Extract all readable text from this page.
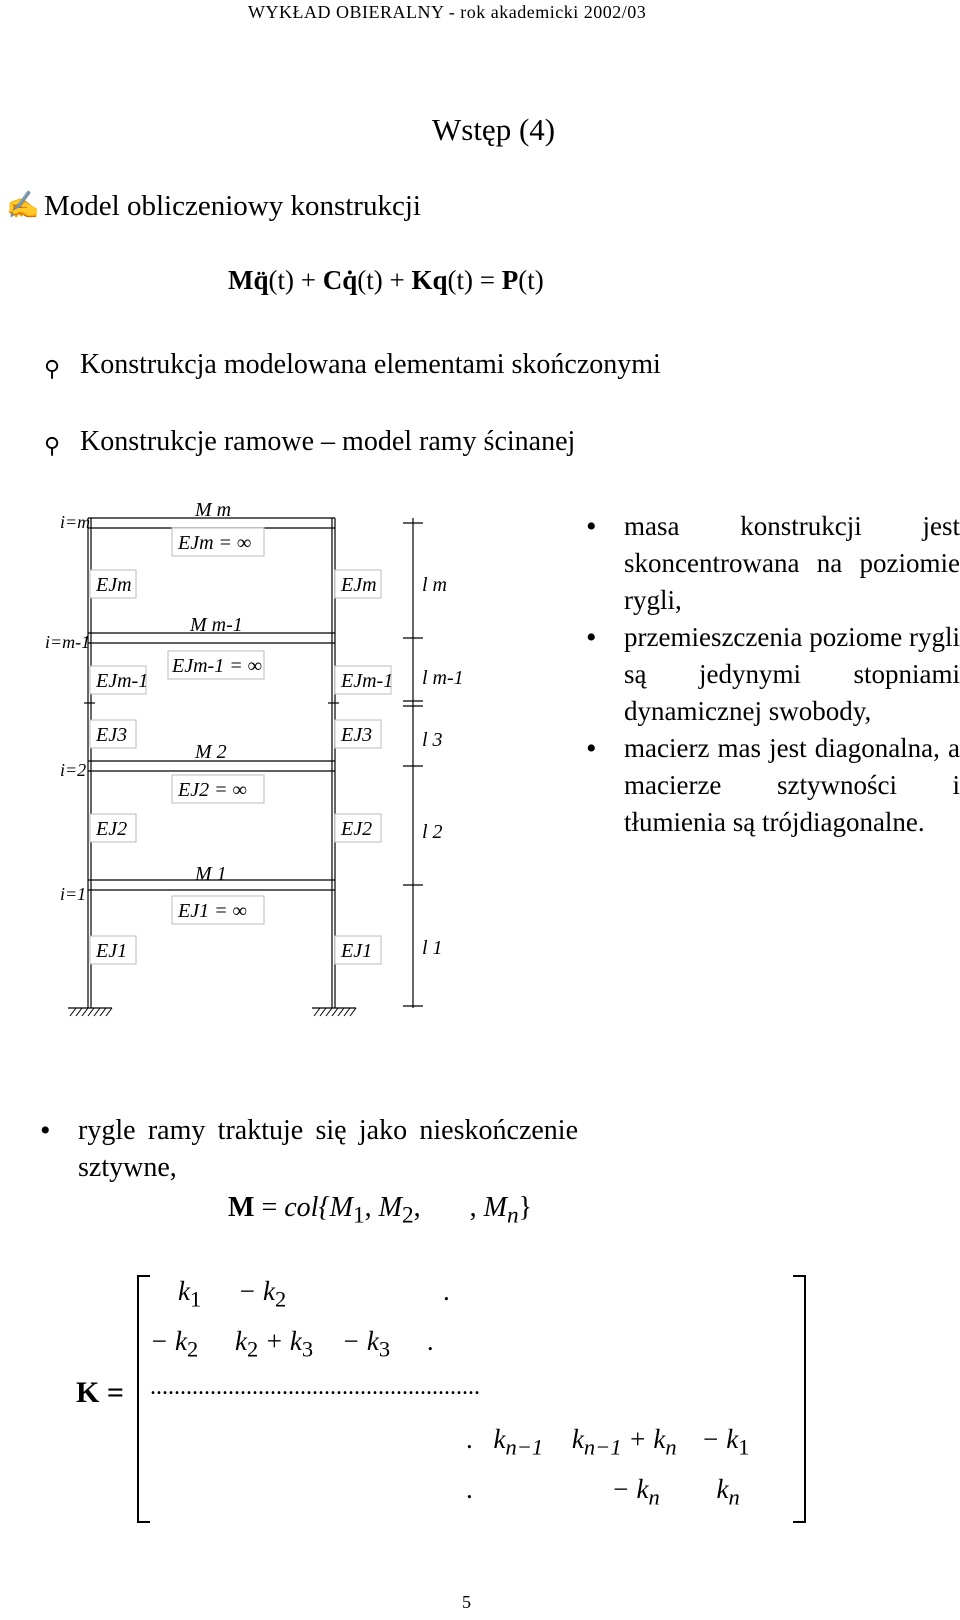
WYKŁAD OBIERALNY - rok akademicki 2002/03
Wstęp (4)
✍ Model obliczeniowy konstrukcji
Mq̈(t) + Cq̇(t) + Kq(t) = P(t)
⚲ Konstrukcja modelowana elementami skończonymi
⚲ Konstrukcje ramowe – model ramy ścinanej
i=m
i=m-1
i=2
i=1
M m
M m-1
M 2
M 1
EJm = ∞
EJm-1 = ∞
EJ2 = ∞
EJ1 = ∞
EJm
EJm-1
EJ3
EJ2
EJ1
EJm
EJm-1
EJ3
EJ2
EJ1
l m
l m-1
l 3
l 2
l 1
• masa konstrukcji jest skoncentrowana na poziomie rygli,
• przemieszczenia poziome rygli są jedynymi stopniami dynamicznej swobody,
• macierz mas jest diagonalna, a macierze sztywności i tłumienia są trójdiagonalne.
• rygle ramy traktuje się jako nieskończenie sztywne,
$M = col\{M_1$, $M_2$, , $M_n$}
K =
$k_1 - k_2$	.
− $k_2$ $k_2 + k_3 - k_3$ .
.......................................................
. $k_{n-1}$ $k_{n-1} + k_n - k_1$
.	− $k_n$ $k_n$
5
